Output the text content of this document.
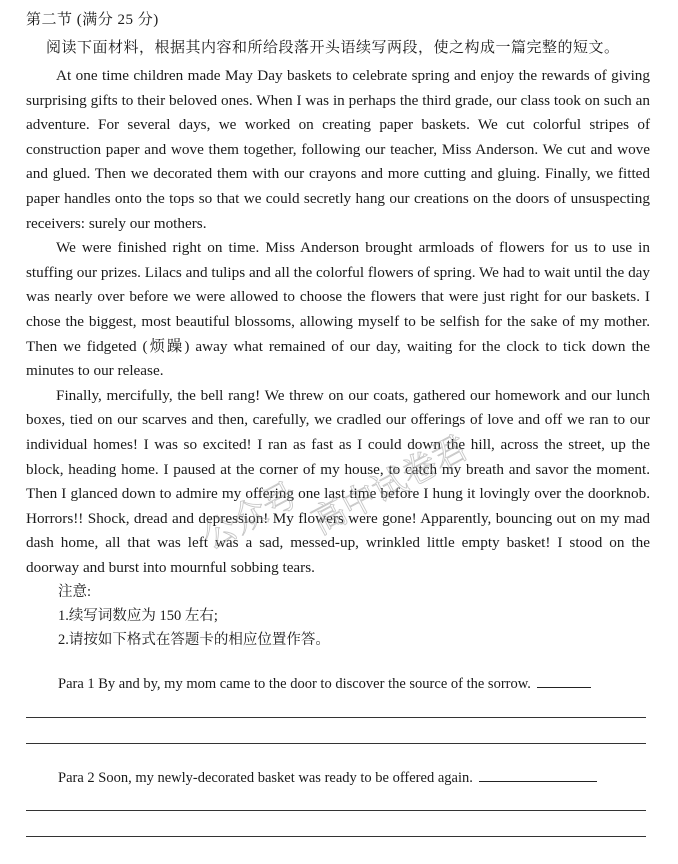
第二节 (满分 25 分)
阅读下面材料，根据其内容和所给段落开头语续写两段，使之构成一篇完整的短文。

At one time children made May Day baskets to celebrate spring and enjoy the rewards of giving surprising gifts to their beloved ones. When I was in perhaps the third grade, our class took on such an adventure. For several days, we worked on creating paper baskets. We cut colorful stripes of construction paper and wove them together, following our teacher, Miss Anderson. We cut and wove and glued. Then we decorated them with our crayons and more cutting and gluing. Finally, we fitted paper handles onto the tops so that we could secretly hang our creations on the doors of unsuspecting receivers: surely our mothers.

We were finished right on time. Miss Anderson brought armloads of flowers for us to use in stuffing our prizes. Lilacs and tulips and all the colorful flowers of spring. We had to wait until the day was nearly over before we were allowed to choose the flowers that were just right for our baskets. I chose the biggest, most beautiful blossoms, allowing myself to be selfish for the sake of my mother. Then we fidgeted (烦躁) away what remained of our day, waiting for the clock to tick down the minutes to our release.

Finally, mercifully, the bell rang! We threw on our coats, gathered our homework and our lunch boxes, tied on our scarves and then, carefully, we cradled our offerings of love and off we ran to our individual homes! I was so excited! I ran as fast as I could down the hill, across the street, up the block, heading home. I paused at the corner of my house, to catch my breath and savor the moment. Then I glanced down to admire my offering one last time before I hung it lovingly over the doorknob. Horrors!! Shock, dread and depression! My flowers were gone! Apparently, bouncing out on my mad dash home, all that was left was a sad, messed-up, wrinkled little empty basket! I stood on the doorway and burst into mournful sobbing tears.

注意:
1.续写词数应为 150 左右;
2.请按如下格式在答题卡的相应位置作答。
Para 1 By and by, my mom came to the door to discover the source of the sorrow.
Para 2 Soon, my newly-decorated basket was ready to be offered again.
公众号 高中试卷君
